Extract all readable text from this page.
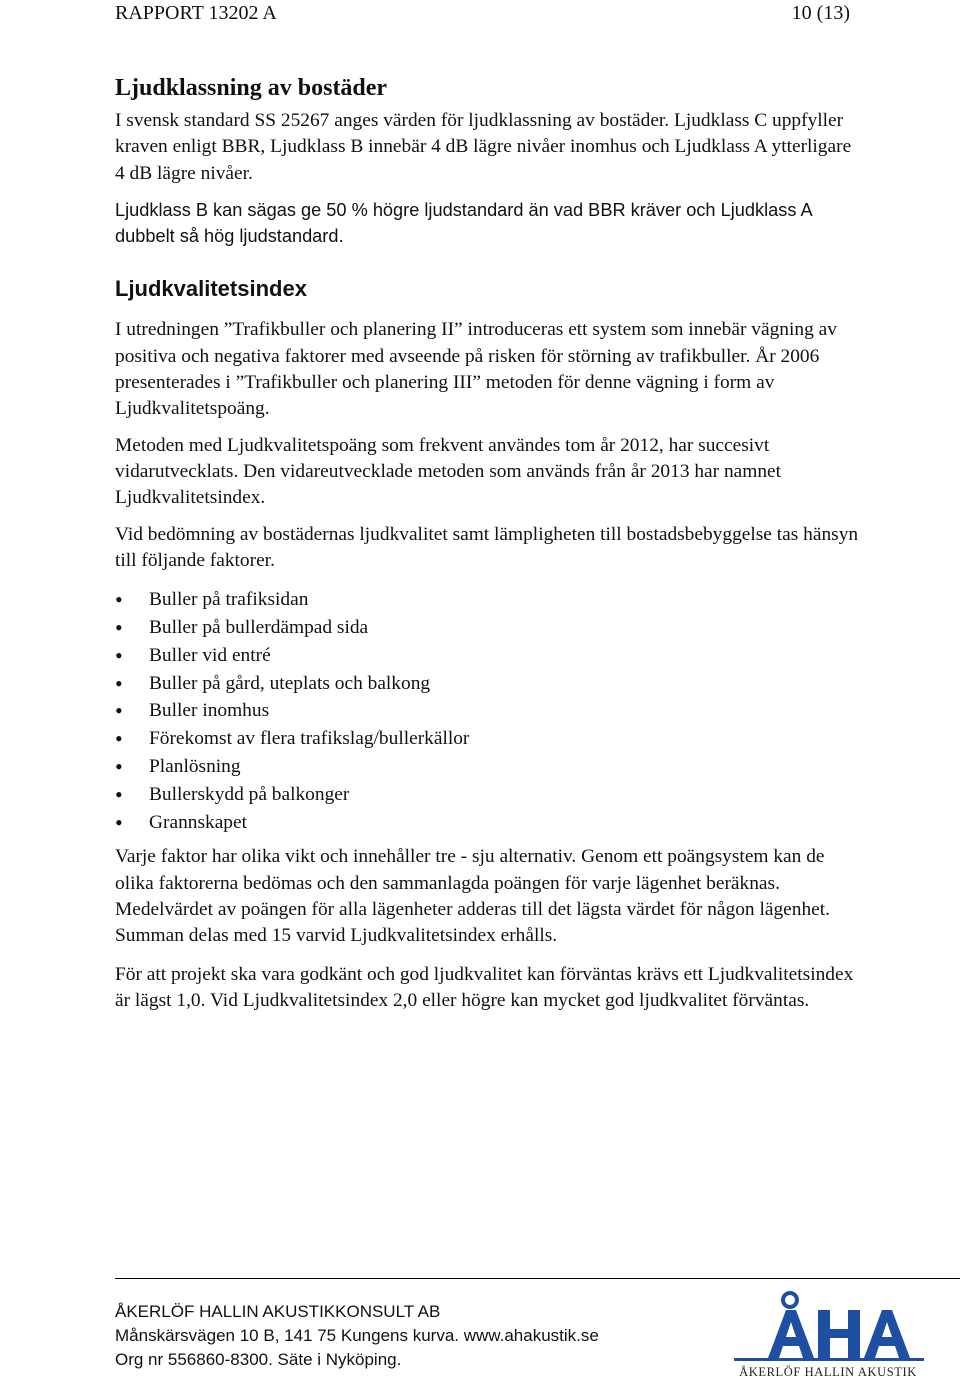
RAPPORT 13202 A	10 (13)
Ljudklassning av bostäder

I svensk standard SS 25267 anges värden för ljudklassning av bostäder. Ljudklass C uppfyller kraven enligt BBR, Ljudklass B innebär 4 dB lägre nivåer inomhus och Ljudklass A ytterligare 4 dB lägre nivåer.

Ljudklass B kan sägas ge 50 % högre ljudstandard än vad BBR kräver och Ljudklass A dubbelt så hög ljudstandard.

Ljudkvalitetsindex

I utredningen ”Trafikbuller och planering II” introduceras ett system som innebär vägning av positiva och negativa faktorer med avseende på risken för störning av trafikbuller. År 2006 presenterades i ”Trafikbuller och planering III” metoden för denne vägning i form av Ljudkvalitetspoäng.

Metoden med Ljudkvalitetspoäng som frekvent användes tom år 2012, har succesivt vidarutvecklats. Den vidareutvecklade metoden som används från år 2013 har namnet Ljudkvalitetsindex.

Vid bedömning av bostädernas ljudkvalitet samt lämpligheten till bostadsbebyggelse tas hänsyn till följande faktorer.

• Buller på trafiksidan
• Buller på bullerdämpad sida
• Buller vid entré
• Buller på gård, uteplats och balkong
• Buller inomhus
• Förekomst av flera trafikslag/bullerkällor
• Planlösning
• Bullerskydd på balkonger
• Grannskapet

Varje faktor har olika vikt och innehåller tre - sju alternativ. Genom ett poängsystem kan de olika faktorerna bedömas och den sammanlagda poängen för varje lägenhet beräknas. Medelvärdet av poängen för alla lägenheter adderas till det lägsta värdet för någon lägenhet. Summan delas med 15 varvid Ljudkvalitetsindex erhålls.

För att projekt ska vara godkänt och god ljudkvalitet kan förväntas krävs ett Ljudkvalitetsindex är lägst 1,0. Vid Ljudkvalitetsindex 2,0 eller högre kan mycket god ljudkvalitet förväntas.

ÅKERLÖF HALLIN AKUSTIKKONSULT AB
Månskärsvägen 10 B, 141 75 Kungens kurva. www.ahakustik.se
Org nr 556860-8300. Säte i Nyköping.
ÅKERLÖF HALLIN AKUSTIK
